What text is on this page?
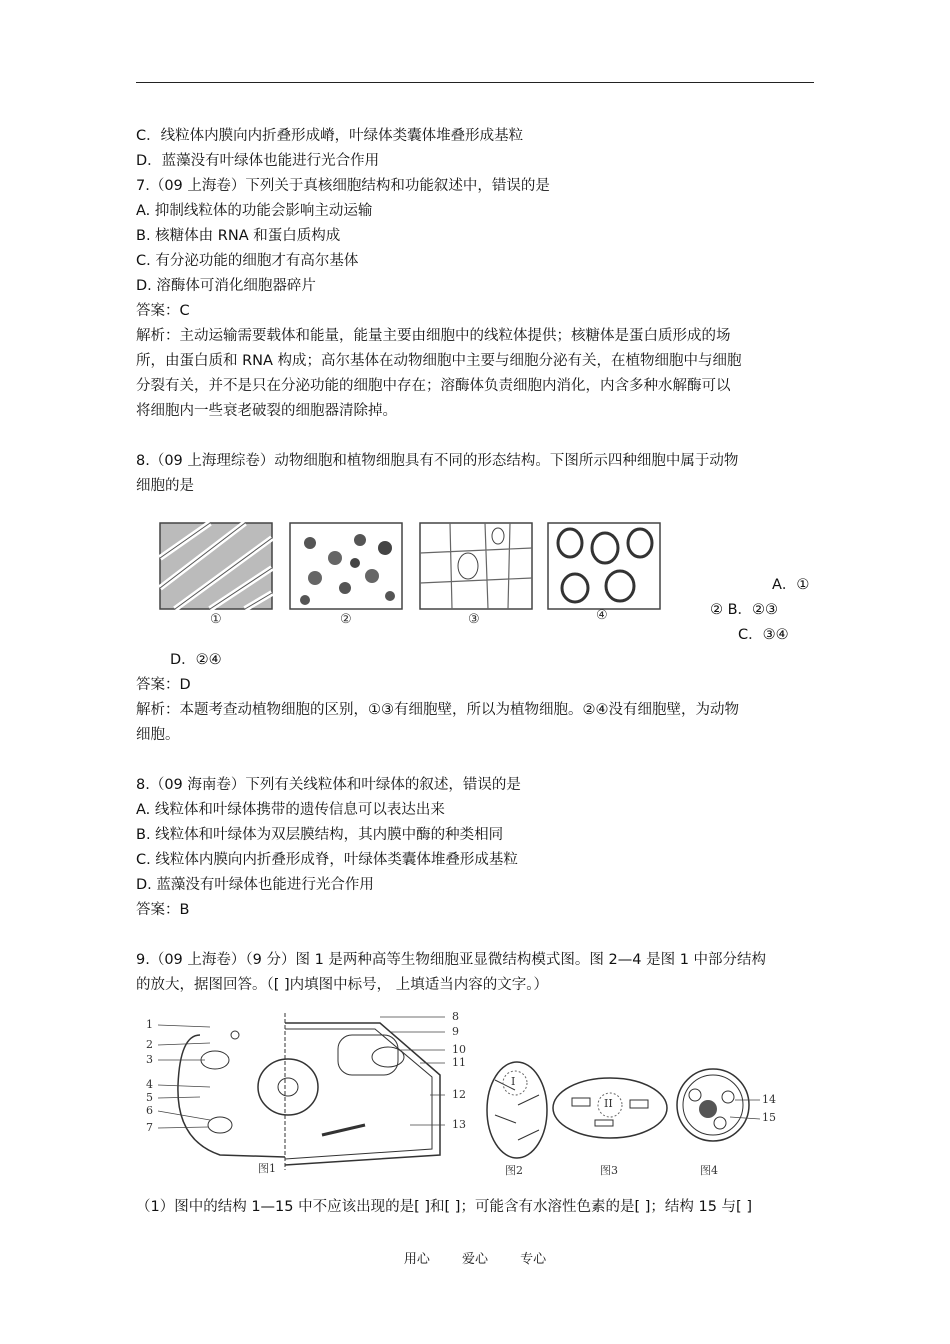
C．线粒体内膜向内折叠形成嵴，叶绿体类囊体堆叠形成基粒
D．蓝藻没有叶绿体也能进行光合作用
7.（09 上海卷）下列关于真核细胞结构和功能叙述中，错误的是
A. 抑制线粒体的功能会影响主动运输
B. 核糖体由 RNA 和蛋白质构成
C. 有分泌功能的细胞才有高尔基体
D. 溶酶体可消化细胞器碎片
答案：C
解析：主动运输需要载体和能量，能量主要由细胞中的线粒体提供；核糖体是蛋白质形成的场
所，由蛋白质和 RNA 构成；高尔基体在动物细胞中主要与细胞分泌有关，在植物细胞中与细胞
分裂有关，并不是只在分泌功能的细胞中存在；溶酶体负责细胞内消化，内含多种水解酶可以
将细胞内一些衰老破裂的细胞器清除掉。
8.（09 上海理综卷）动物细胞和植物细胞具有不同的形态结构。下图所示四种细胞中属于动物
细胞的是
①	②	③	④
A．①
② B．②③
C．③④
D．②④
答案：D
解析：本题考查动植物细胞的区别，①③有细胞壁，所以为植物细胞。②④没有细胞壁，为动物
细胞。
8.（09 海南卷）下列有关线粒体和叶绿体的叙述，错误的是
A. 线粒体和叶绿体携带的遗传信息可以表达出来
B. 线粒体和叶绿体为双层膜结构，其内膜中酶的种类相同
C. 线粒体内膜向内折叠形成脊，叶绿体类囊体堆叠形成基粒
D. 蓝藻没有叶绿体也能进行光合作用
答案：B
9.（09 上海卷）（9 分）图 1 是两种高等生物细胞亚显微结构模式图。图 2—4 是图 1 中部分结构
的放大，据图回答。（[ ]内填图中标号， 上填适当内容的文字。）
1
2
3
4
5
6
7
8
9
10
11
12
13
14
15
I
II
图1	图2	图3	图4
（1）图中的结构 1—15 中不应该出现的是[ ]和[ ]；可能含有水溶性色素的是[ ]；结构 15 与[ ]
用心 爱心 专心
